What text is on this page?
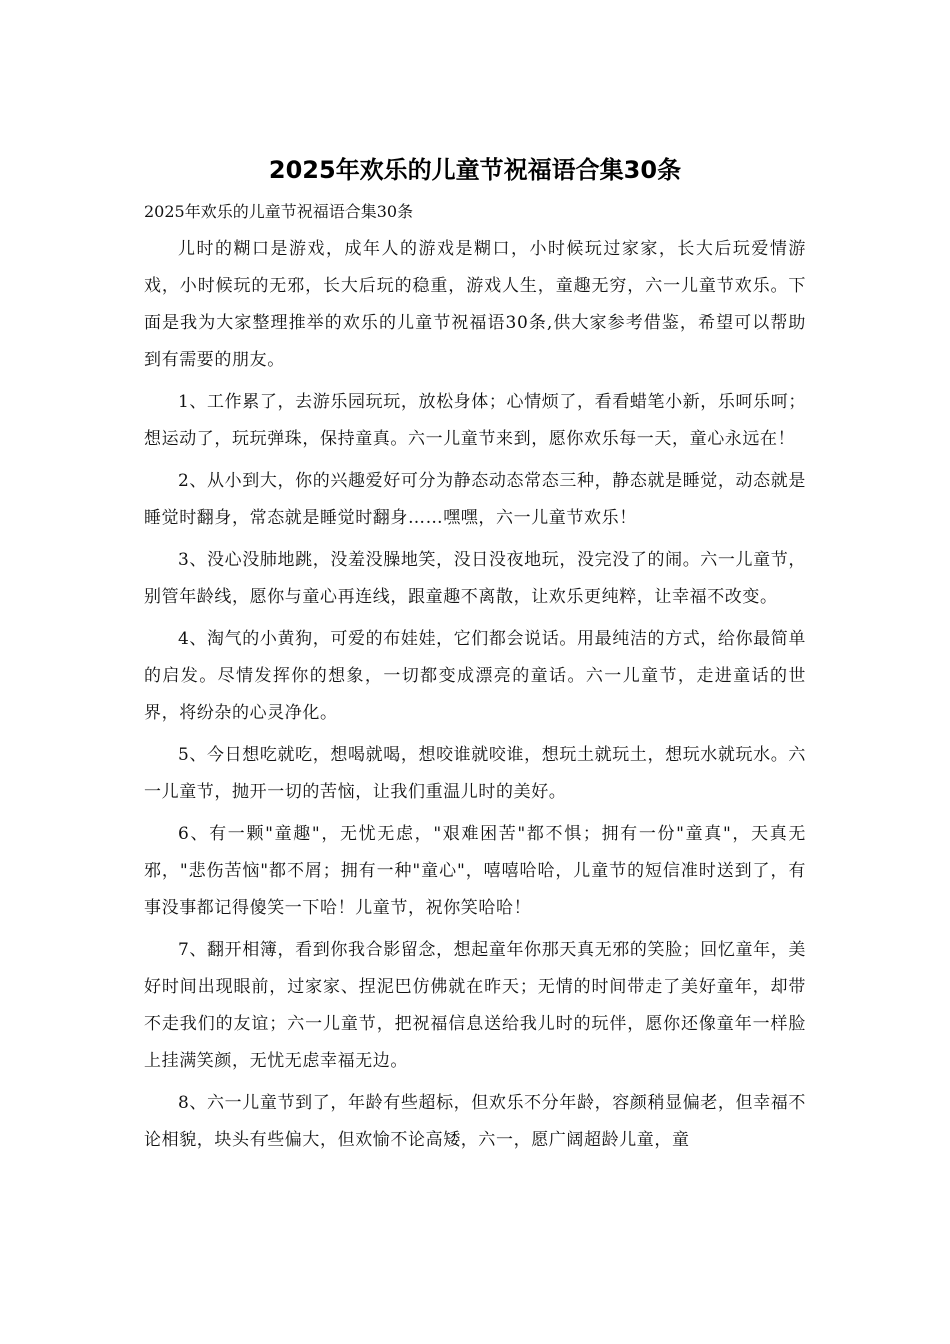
2025年欢乐的儿童节祝福语合集30条

2025年欢乐的儿童节祝福语合集30条

儿时的糊口是游戏，成年人的游戏是糊口，小时候玩过家家，长大后玩爱情游戏，小时候玩的无邪，长大后玩的稳重，游戏人生，童趣无穷，六一儿童节欢乐。下面是我为大家整理推举的欢乐的儿童节祝福语30条,供大家参考借鉴，希望可以帮助到有需要的朋友。

1、工作累了，去游乐园玩玩，放松身体；心情烦了，看看蜡笔小新，乐呵乐呵；想运动了，玩玩弹珠，保持童真。六一儿童节来到，愿你欢乐每一天，童心永远在！

2、从小到大，你的兴趣爱好可分为静态动态常态三种，静态就是睡觉，动态就是睡觉时翻身，常态就是睡觉时翻身……嘿嘿，六一儿童节欢乐！

3、没心没肺地跳，没羞没臊地笑，没日没夜地玩，没完没了的闹。六一儿童节，别管年龄线，愿你与童心再连线，跟童趣不离散，让欢乐更纯粹，让幸福不改变。

4、淘气的小黄狗，可爱的布娃娃，它们都会说话。用最纯洁的方式，给你最简单的启发。尽情发挥你的想象，一切都变成漂亮的童话。六一儿童节，走进童话的世界，将纷杂的心灵净化。

5、今日想吃就吃，想喝就喝，想咬谁就咬谁，想玩土就玩土，想玩水就玩水。六一儿童节，抛开一切的苦恼，让我们重温儿时的美好。

6、有一颗"童趣"，无忧无虑，"艰难困苦"都不惧；拥有一份"童真"，天真无邪，"悲伤苦恼"都不屑；拥有一种"童心"，嘻嘻哈哈，儿童节的短信准时送到了，有事没事都记得傻笑一下哈！儿童节，祝你笑哈哈！

7、翻开相簿，看到你我合影留念，想起童年你那天真无邪的笑脸；回忆童年，美好时间出现眼前，过家家、捏泥巴仿佛就在昨天；无情的时间带走了美好童年，却带不走我们的友谊；六一儿童节，把祝福信息送给我儿时的玩伴，愿你还像童年一样脸上挂满笑颜，无忧无虑幸福无边。

8、六一儿童节到了，年龄有些超标，但欢乐不分年龄，容颜稍显偏老，但幸福不论相貌，块头有些偏大，但欢愉不论高矮，六一，愿广阔超龄儿童，童
